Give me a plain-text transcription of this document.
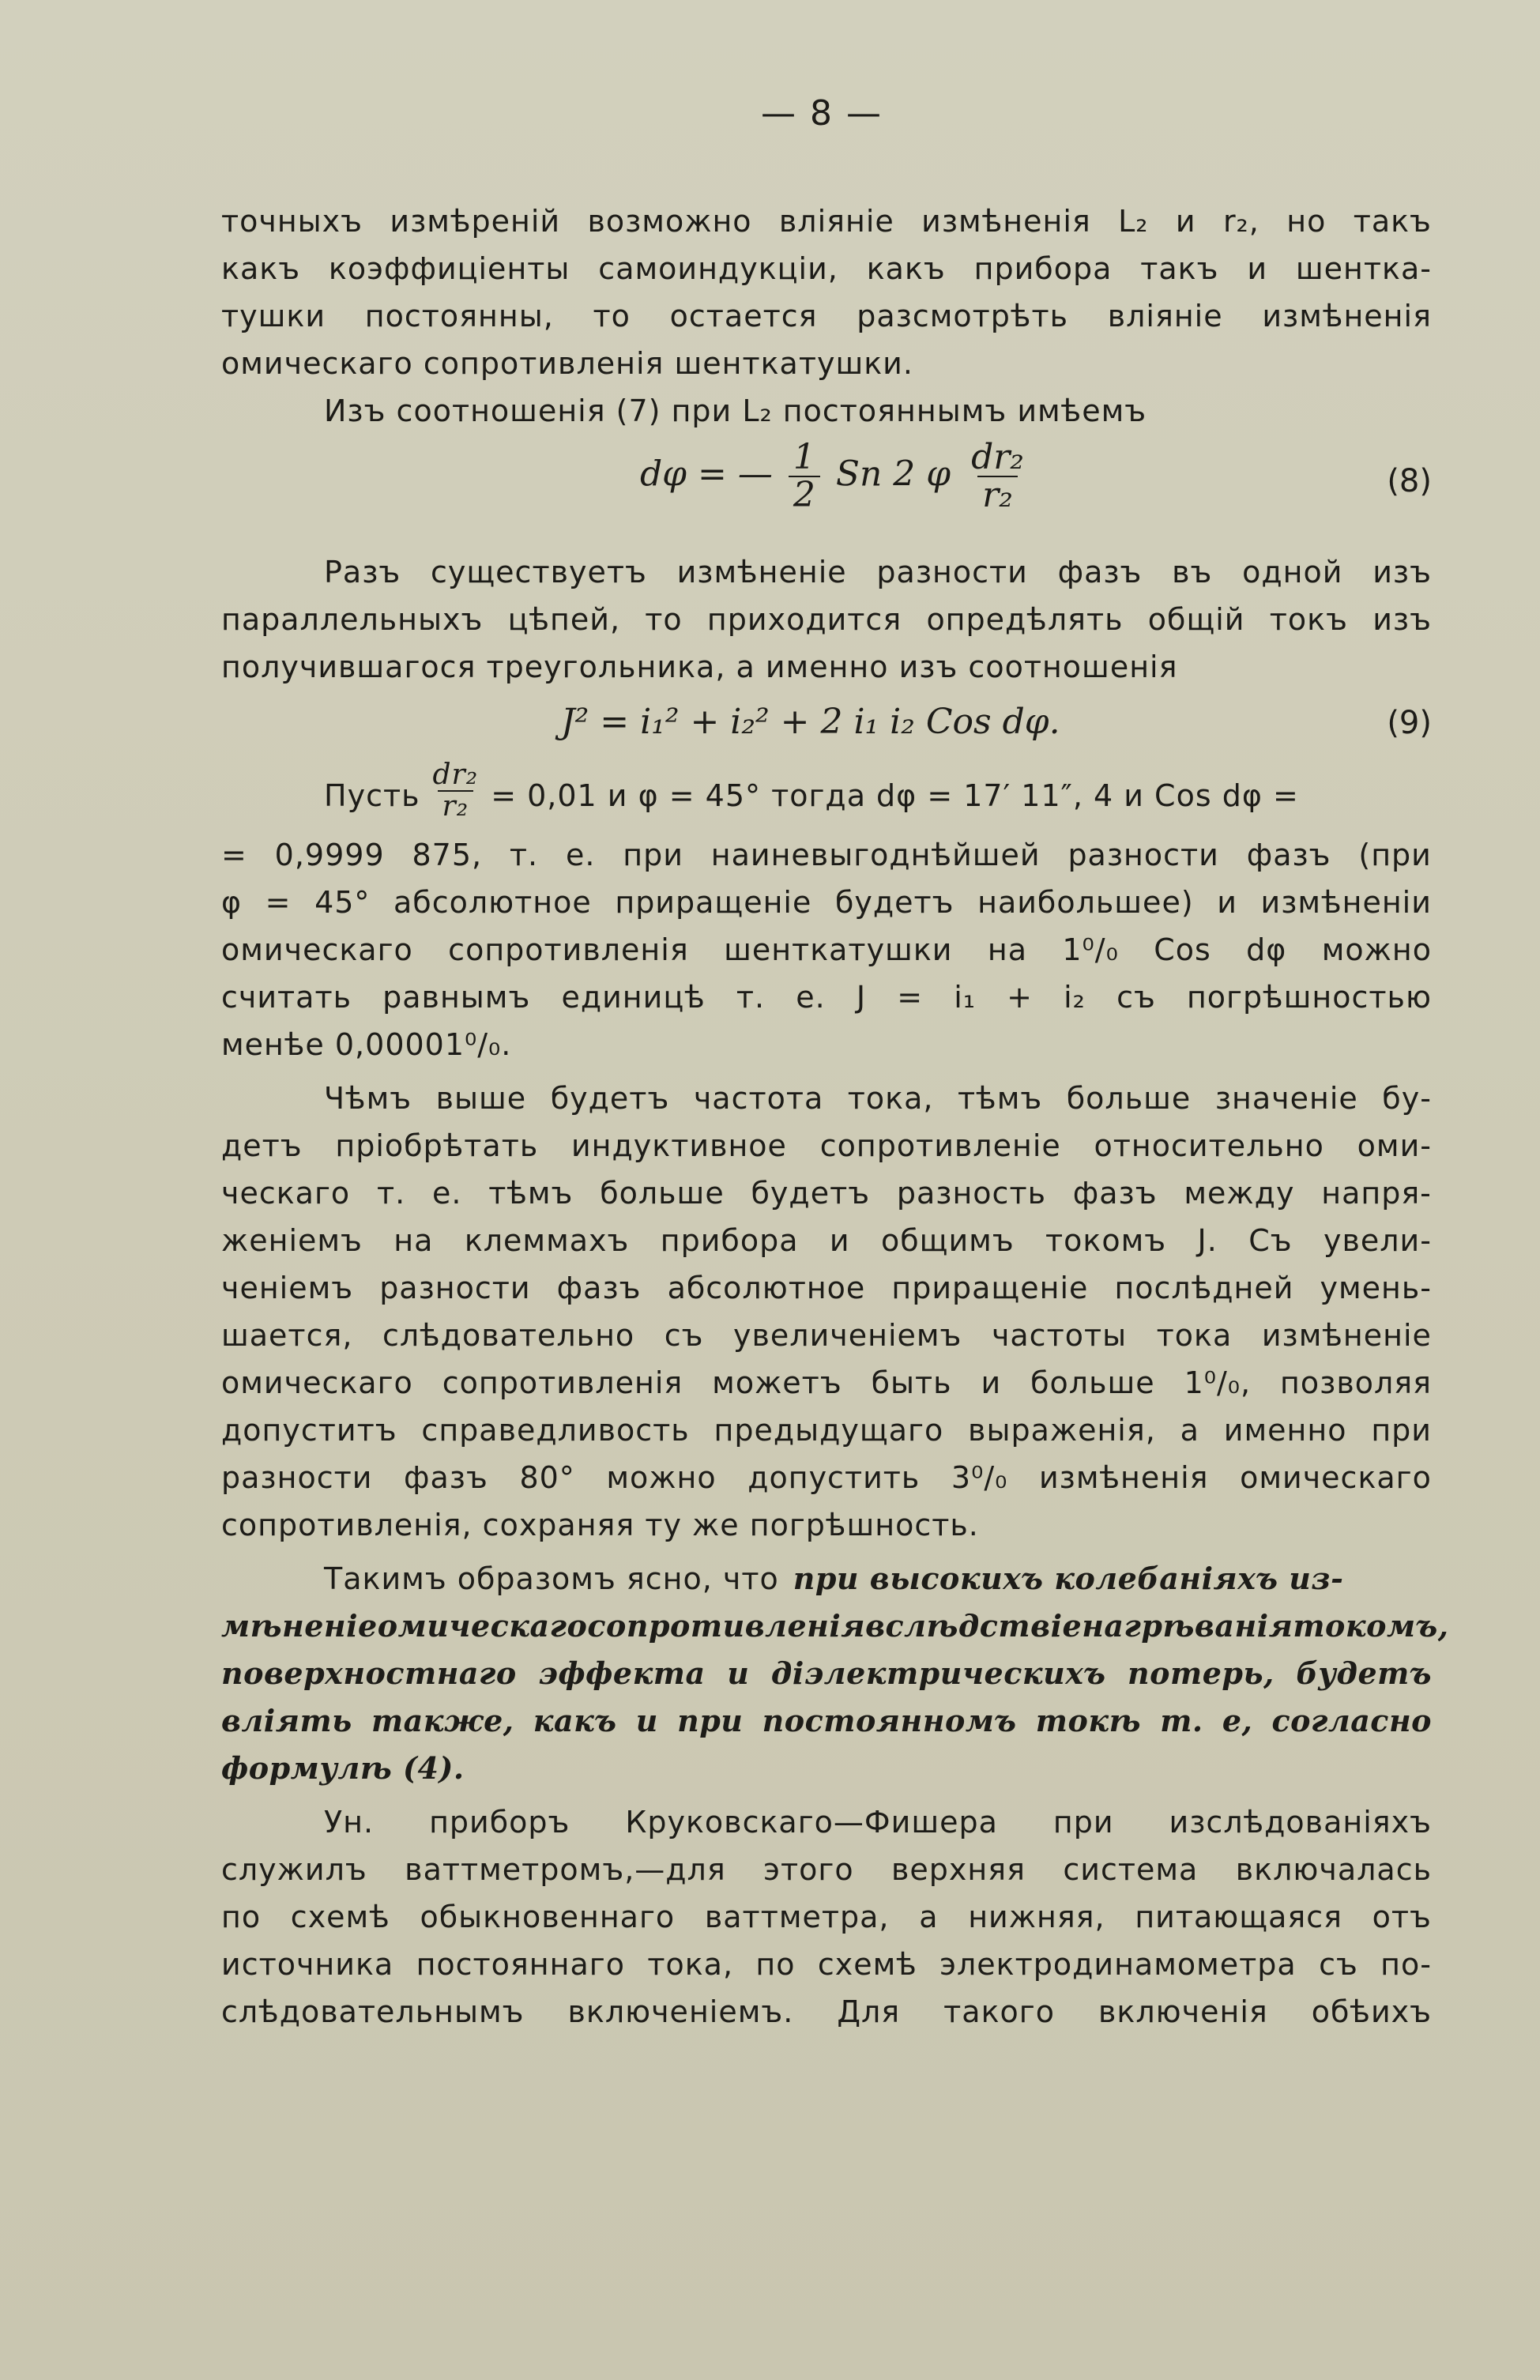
— 8 —
точныхъ измѣренiй возможно влiянiе измѣненiя L₂ и r₂, но такъ
какъ коэффицiенты самоиндукцiи, какъ прибора такъ и шентка-
тушки постоянны, то остается разсмотрѣть влiянiе измѣненiя
омическаго сопротивленiя шенткатушки.
Изъ соотношенiя (7) при L₂ постояннымъ имѣемъ
dφ = — $\frac{1}{2}$ Sn 2 φ $\frac{\text{dr₂}}{\text{r₂}}$	(8)
Разъ существуетъ измѣненiе разности фазъ въ одной изъ
параллельныхъ цѣпей, то приходится опредѣлять общiй токъ изъ
получившагося треугольника, а именно изъ соотношенiя
J² = i₁² + i₂² + 2 i₁ i₂ Cos dφ.	(9)
Пусть $\frac{\text{dr₂}}{\text{r₂}} = 0,01$ и φ = 45° тогда dφ = 17′ 11″, 4 и Cos dφ =
= 0,9999 875, т. е. при наиневыгоднѣйшей разности фазъ (при
φ = 45° абсолютное приращенiе будетъ наибольшее) и измѣненiи
омическаго сопротивленiя шенткатушки на 1⁰/₀ Cos dφ можно
считать равнымъ единицѣ т. е. J = i₁ + i₂ съ погрѣшностью
менѣе 0,00001⁰/₀.
Чѣмъ выше будетъ частота тока, тѣмъ больше значенiе бу-
детъ прiобрѣтать индуктивное сопротивленiе относительно оми-
ческаго т. е. тѣмъ больше будетъ разность фазъ между напря-
женiемъ на клеммахъ прибора и общимъ токомъ J. Съ увели-
ченiемъ разности фазъ абсолютное приращенiе послѣдней умень-
шается, слѣдовательно съ увеличенiемъ частоты тока измѣненiе
омическаго сопротивленiя можетъ быть и больше 1⁰/₀, позволяя
допуститъ справедливость предыдущаго выраженiя, а именно при
разности фазъ 80° можно допустить 3⁰/₀ измѣненiя омическаго
сопротивленiя, сохраняя ту же погрѣшность.
Такимъ образомъ ясно, что при высокихъ колебанiяхъ из-
мѣненiе омическаго сопротивленiя вслѣдствiе нагрѣванiя токомъ,
поверхностнаго эффекта и дiэлектрическихъ потерь, будетъ
влiять также, какъ и при постоянномъ токѣ т. е, согласно
формулѣ (4).
Ун. приборъ Круковскаго—Фишера при изслѣдованiяхъ
служилъ ваттметромъ,—для этого верхняя система включалась
по схемѣ обыкновеннаго ваттметра, а нижняя, питающаяся отъ
источника постояннаго тока, по схемѣ электродинамометра съ по-
слѣдовательнымъ включенiемъ. Для такого включенiя обѣихъ
